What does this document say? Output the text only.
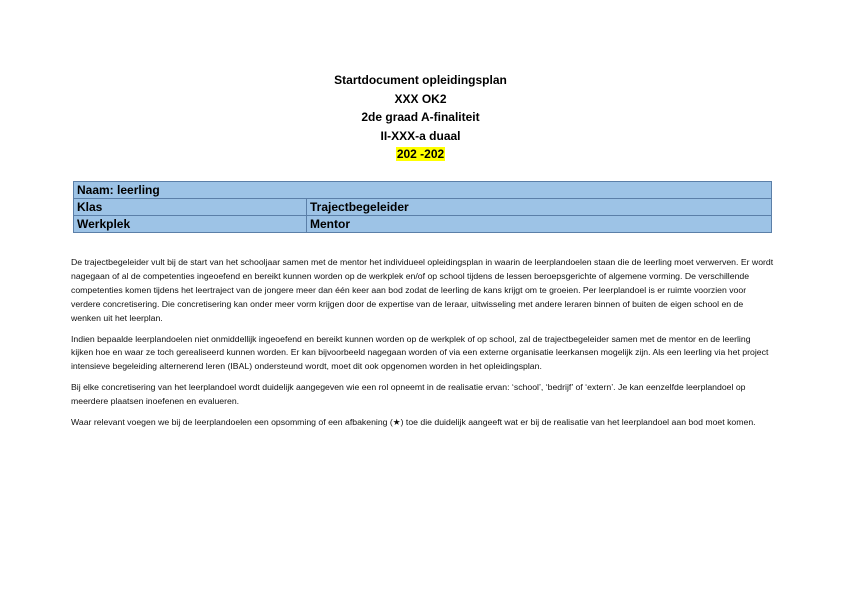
Startdocument opleidingsplan
XXX OK2
2de graad A-finaliteit
II-XXX-a duaal
202 -202
Naam: leerling	
Klas	Trajectbegeleider
Werkplek	Mentor

De trajectbegeleider vult bij de start van het schooljaar samen met de mentor het individueel opleidingsplan in waarin de leerplandoelen staan die de leerling moet verwerven. Er wordt nagegaan of al de competenties ingeoefend en bereikt kunnen worden op de werkplek en/of op school tijdens de lessen beroepsgerichte of algemene vorming. De verschillende competenties komen tijdens het leertraject van de jongere meer dan één keer aan bod zodat de leerling de kans krijgt om te groeien. Per leerplandoel is er ruimte voorzien voor verdere concretisering. Die concretisering kan onder meer vorm krijgen door de expertise van de leraar, uitwisseling met andere leraren binnen of buiten de eigen school en de wenken uit het leerplan.

Indien bepaalde leerplandoelen niet onmiddellijk ingeoefend en bereikt kunnen worden op de werkplek of op school, zal de trajectbegeleider samen met de mentor en de leerling kijken hoe en waar ze toch gerealiseerd kunnen worden. Er kan bijvoorbeeld nagegaan worden of via een externe organisatie leerkansen mogelijk zijn. Als een leerling via het project intensieve begeleiding alternerend leren (IBAL) ondersteund wordt, moet dit ook opgenomen worden in het opleidingsplan.

Bij elke concretisering van het leerplandoel wordt duidelijk aangegeven wie een rol opneemt in de realisatie ervan: ‘school’, ‘bedrijf’ of ‘extern’. Je kan eenzelfde leerplandoel op meerdere plaatsen inoefenen en evalueren.

Waar relevant voegen we bij de leerplandoelen een opsomming of een afbakening (★) toe die duidelijk aangeeft wat er bij de realisatie van het leerplandoel aan bod moet komen.
